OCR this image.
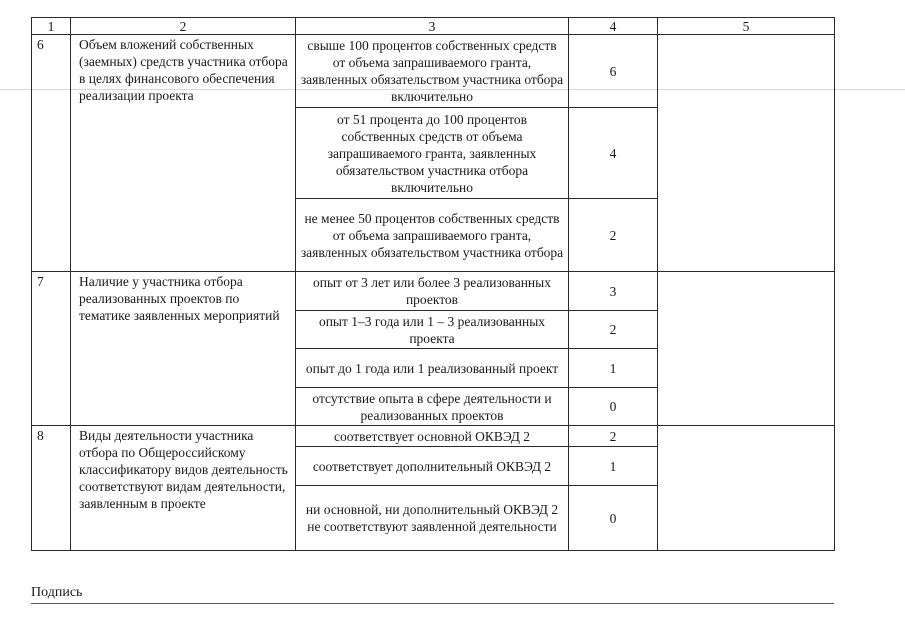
1	2	3	4	5
6	Объем вложений собственных (заемных) средств участника отбора в целях финансового обеспечения реализации проекта	свыше 100 процентов собственных средств от объема запрашиваемого гранта, заявленных обязательством участника отбора включительно	6	
		от 51 процента до 100 процентов собственных средств от объема запрашиваемого гранта, заявленных обязательством участника отбора включительно	4	
		не менее 50 процентов собственных средств от объема запрашиваемого гранта, заявленных обязательством участника отбора	2	
7	Наличие у участника отбора реализованных проектов по тематике заявленных мероприятий	опыт от 3 лет или более 3 реализованных проектов	3	
		опыт 1–3 года или 1 – 3 реализованных проекта	2	
		опыт до 1 года или 1 реализованный проект	1	
		отсутствие опыта в сфере деятельности и реализованных проектов	0	
8	Виды деятельности участника отбора по Общероссийскому классификатору видов деятельность соответствуют видам деятельности, заявленным в проекте	соответствует основной ОКВЭД 2	2	
		соответствует дополнительный ОКВЭД 2	1	
		ни основной, ни дополнительный ОКВЭД 2 не соответствуют заявленной деятельности	0	
Подпись
